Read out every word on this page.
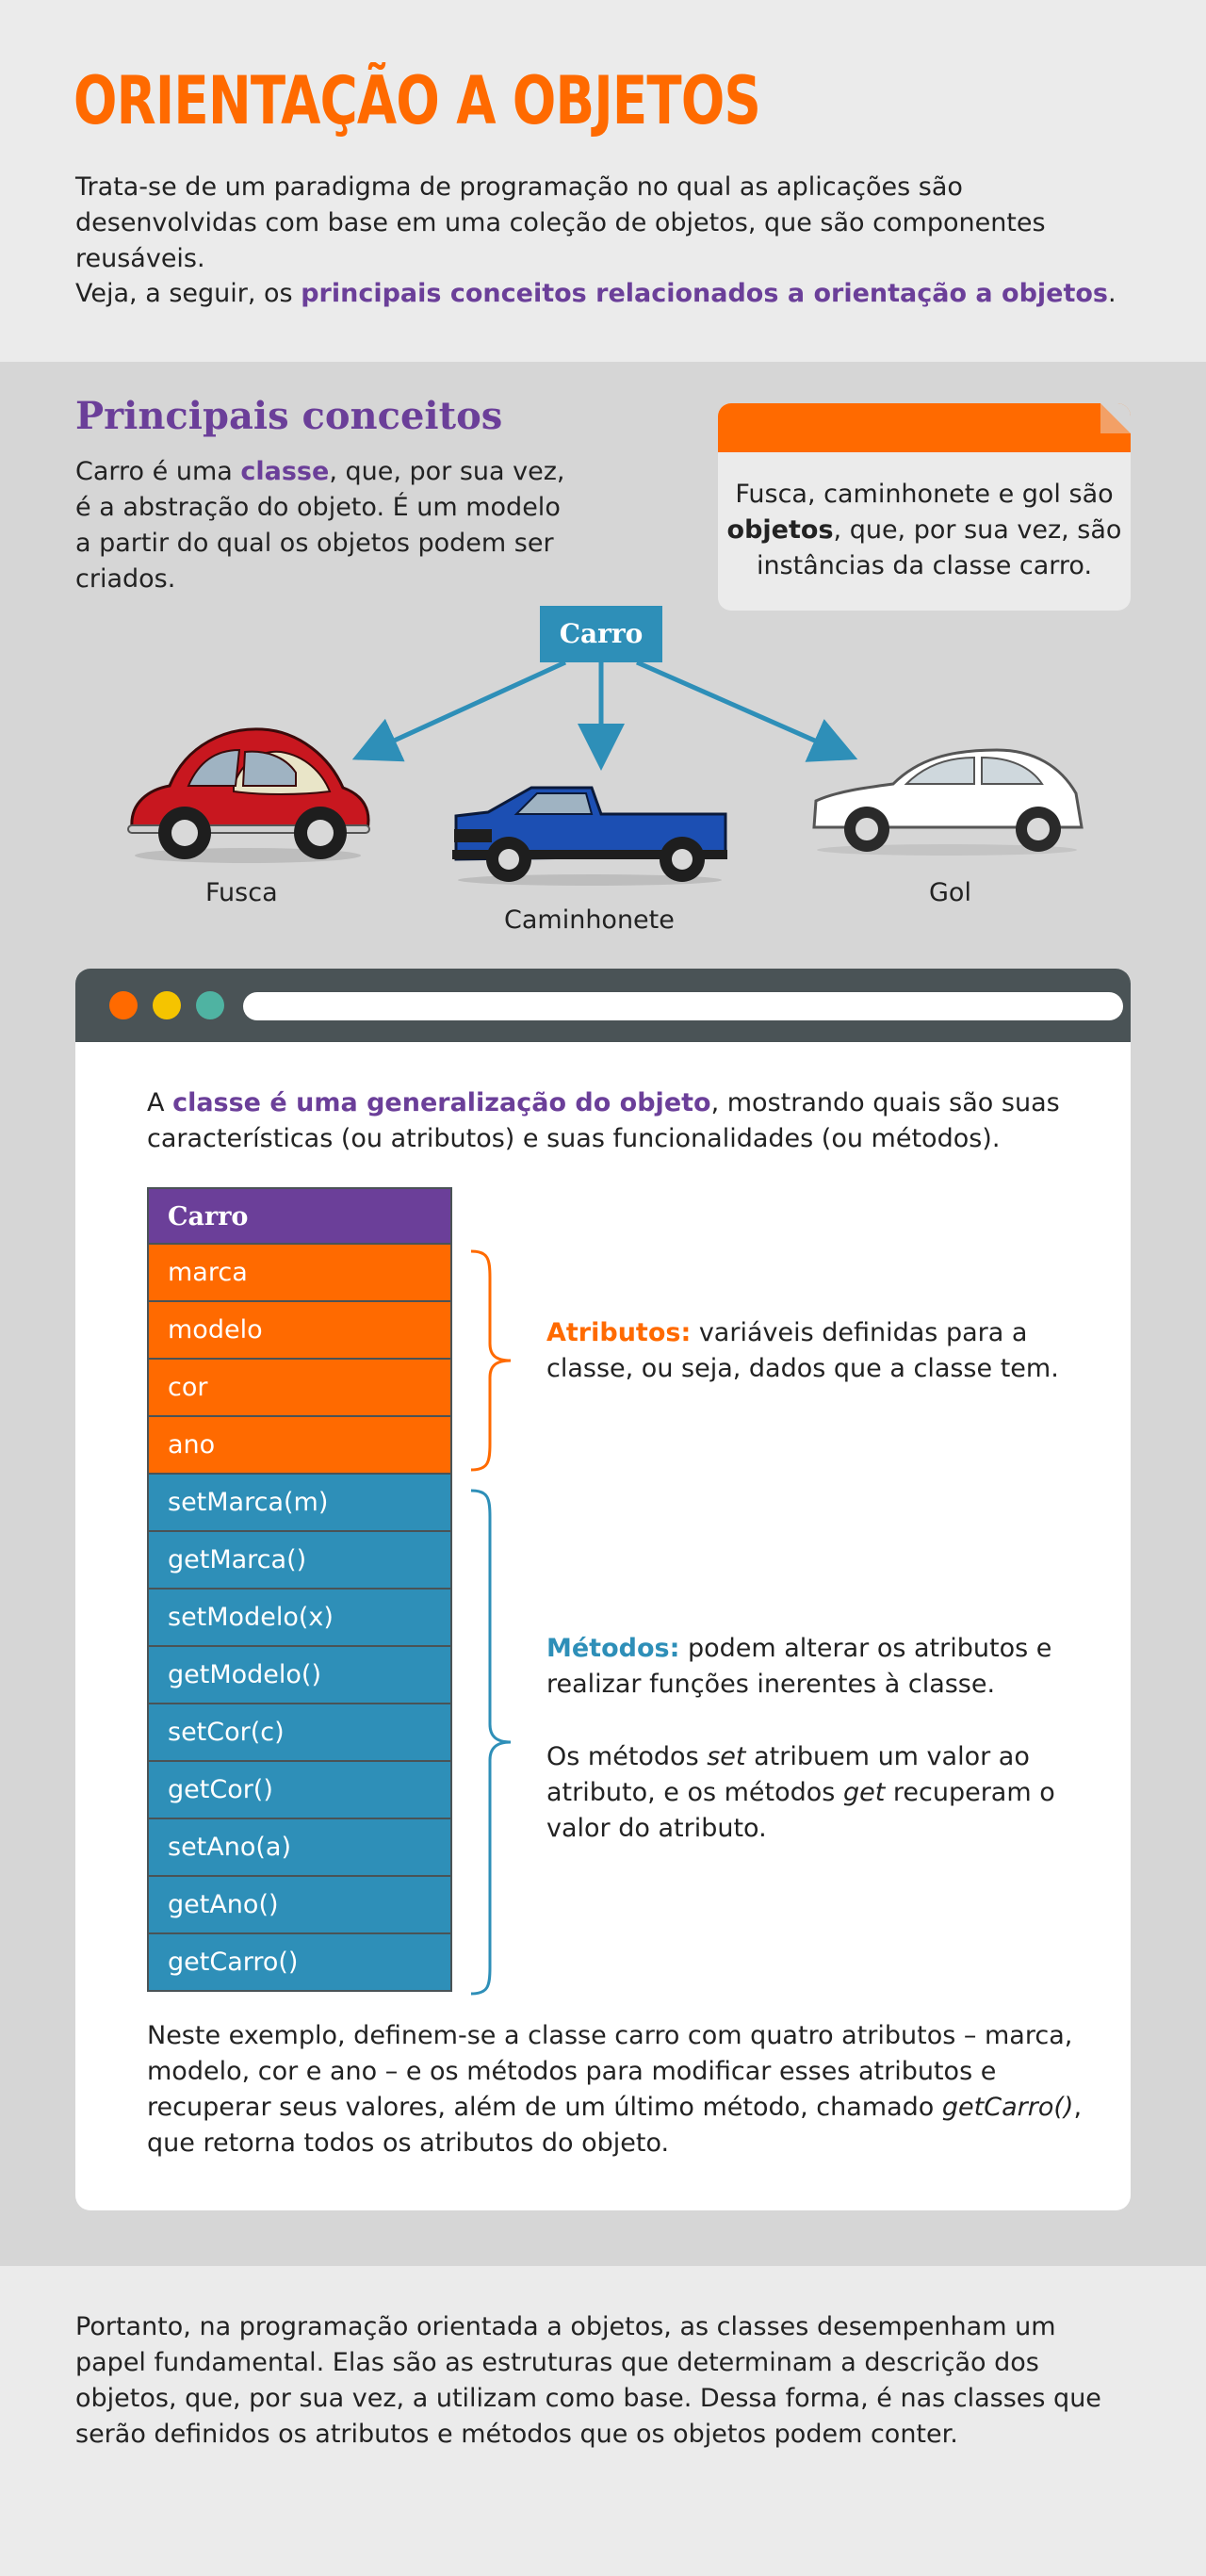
ORIENTAÇÃO A OBJETOS

Trata-se de um paradigma de programação no qual as aplicações são desenvolvidas com base em uma coleção de objetos, que são componentes reusáveis.

Veja, a seguir, os principais conceitos relacionados a orientação a objetos.

Principais conceitos

Carro é uma classe, que, por sua vez, é a abstração do objeto. É um modelo a partir do qual os objetos podem ser criados.

Fusca, caminhonete e gol são objetos, que, por sua vez, são instâncias da classe carro.

Carro
Fusca
Caminhonete
Gol

A classe é uma generalização do objeto, mostrando quais são suas características (ou atributos) e suas funcionalidades (ou métodos).

Carro
marca
modelo
cor
ano
setMarca(m)
getMarca()
setModelo(x)
getModelo()
setCor(c)
getCor()
setAno(a)
getAno()
getCarro()

Atributos: variáveis definidas para a classe, ou seja, dados que a classe tem.

Métodos: podem alterar os atributos e realizar funções inerentes à classe.

Os métodos set atribuem um valor ao atributo, e os métodos get recuperam o valor do atributo.

Neste exemplo, definem-se a classe carro com quatro atributos – marca, modelo, cor e ano – e os métodos para modificar esses atributos e recuperar seus valores, além de um último método, chamado getCarro(), que retorna todos os atributos do objeto.

Portanto, na programação orientada a objetos, as classes desempenham um papel fundamental. Elas são as estruturas que determinam a descrição dos objetos, que, por sua vez, a utilizam como base. Dessa forma, é nas classes que serão definidos os atributos e métodos que os objetos podem conter.
